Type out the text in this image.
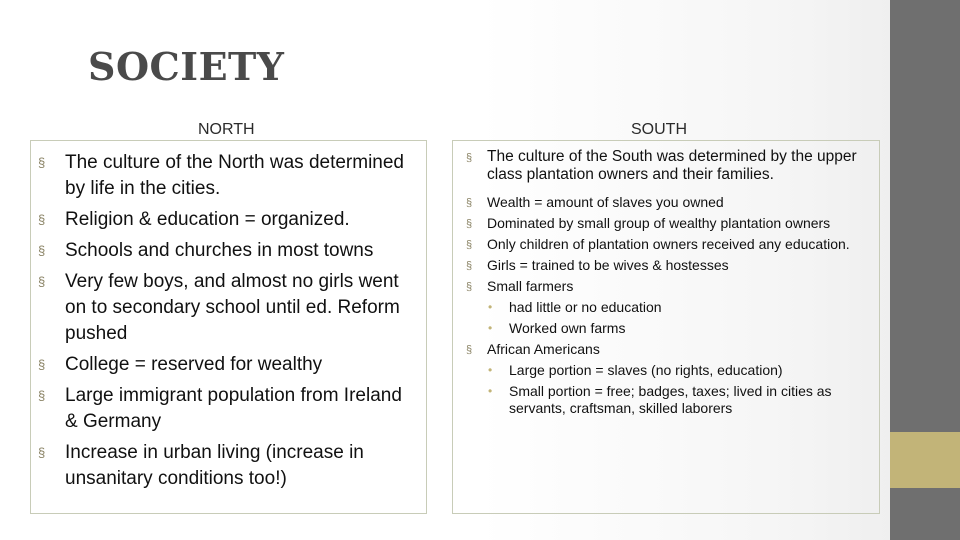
SOCIETY
NORTH	SOUTH
§ The culture of the North was determined by life in the cities.
§ Religion & education = organized.
§ Schools and churches in most towns
§ Very few boys, and almost no girls went on to secondary school until ed. Reform pushed
§ College = reserved for wealthy
§ Large immigrant population from Ireland & Germany
§ Increase in urban living (increase in unsanitary conditions too!)
§ The culture of the South was determined by the upper class plantation owners and their families.
§ Wealth = amount of slaves you owned
§ Dominated by small group of wealthy plantation owners
§ Only children of plantation owners received any education.
§ Girls = trained to be wives & hostesses
§ Small farmers
• had little or no education
• Worked own farms
§ African Americans
• Large portion = slaves (no rights, education)
• Small portion = free; badges, taxes; lived in cities as servants, craftsman, skilled laborers
